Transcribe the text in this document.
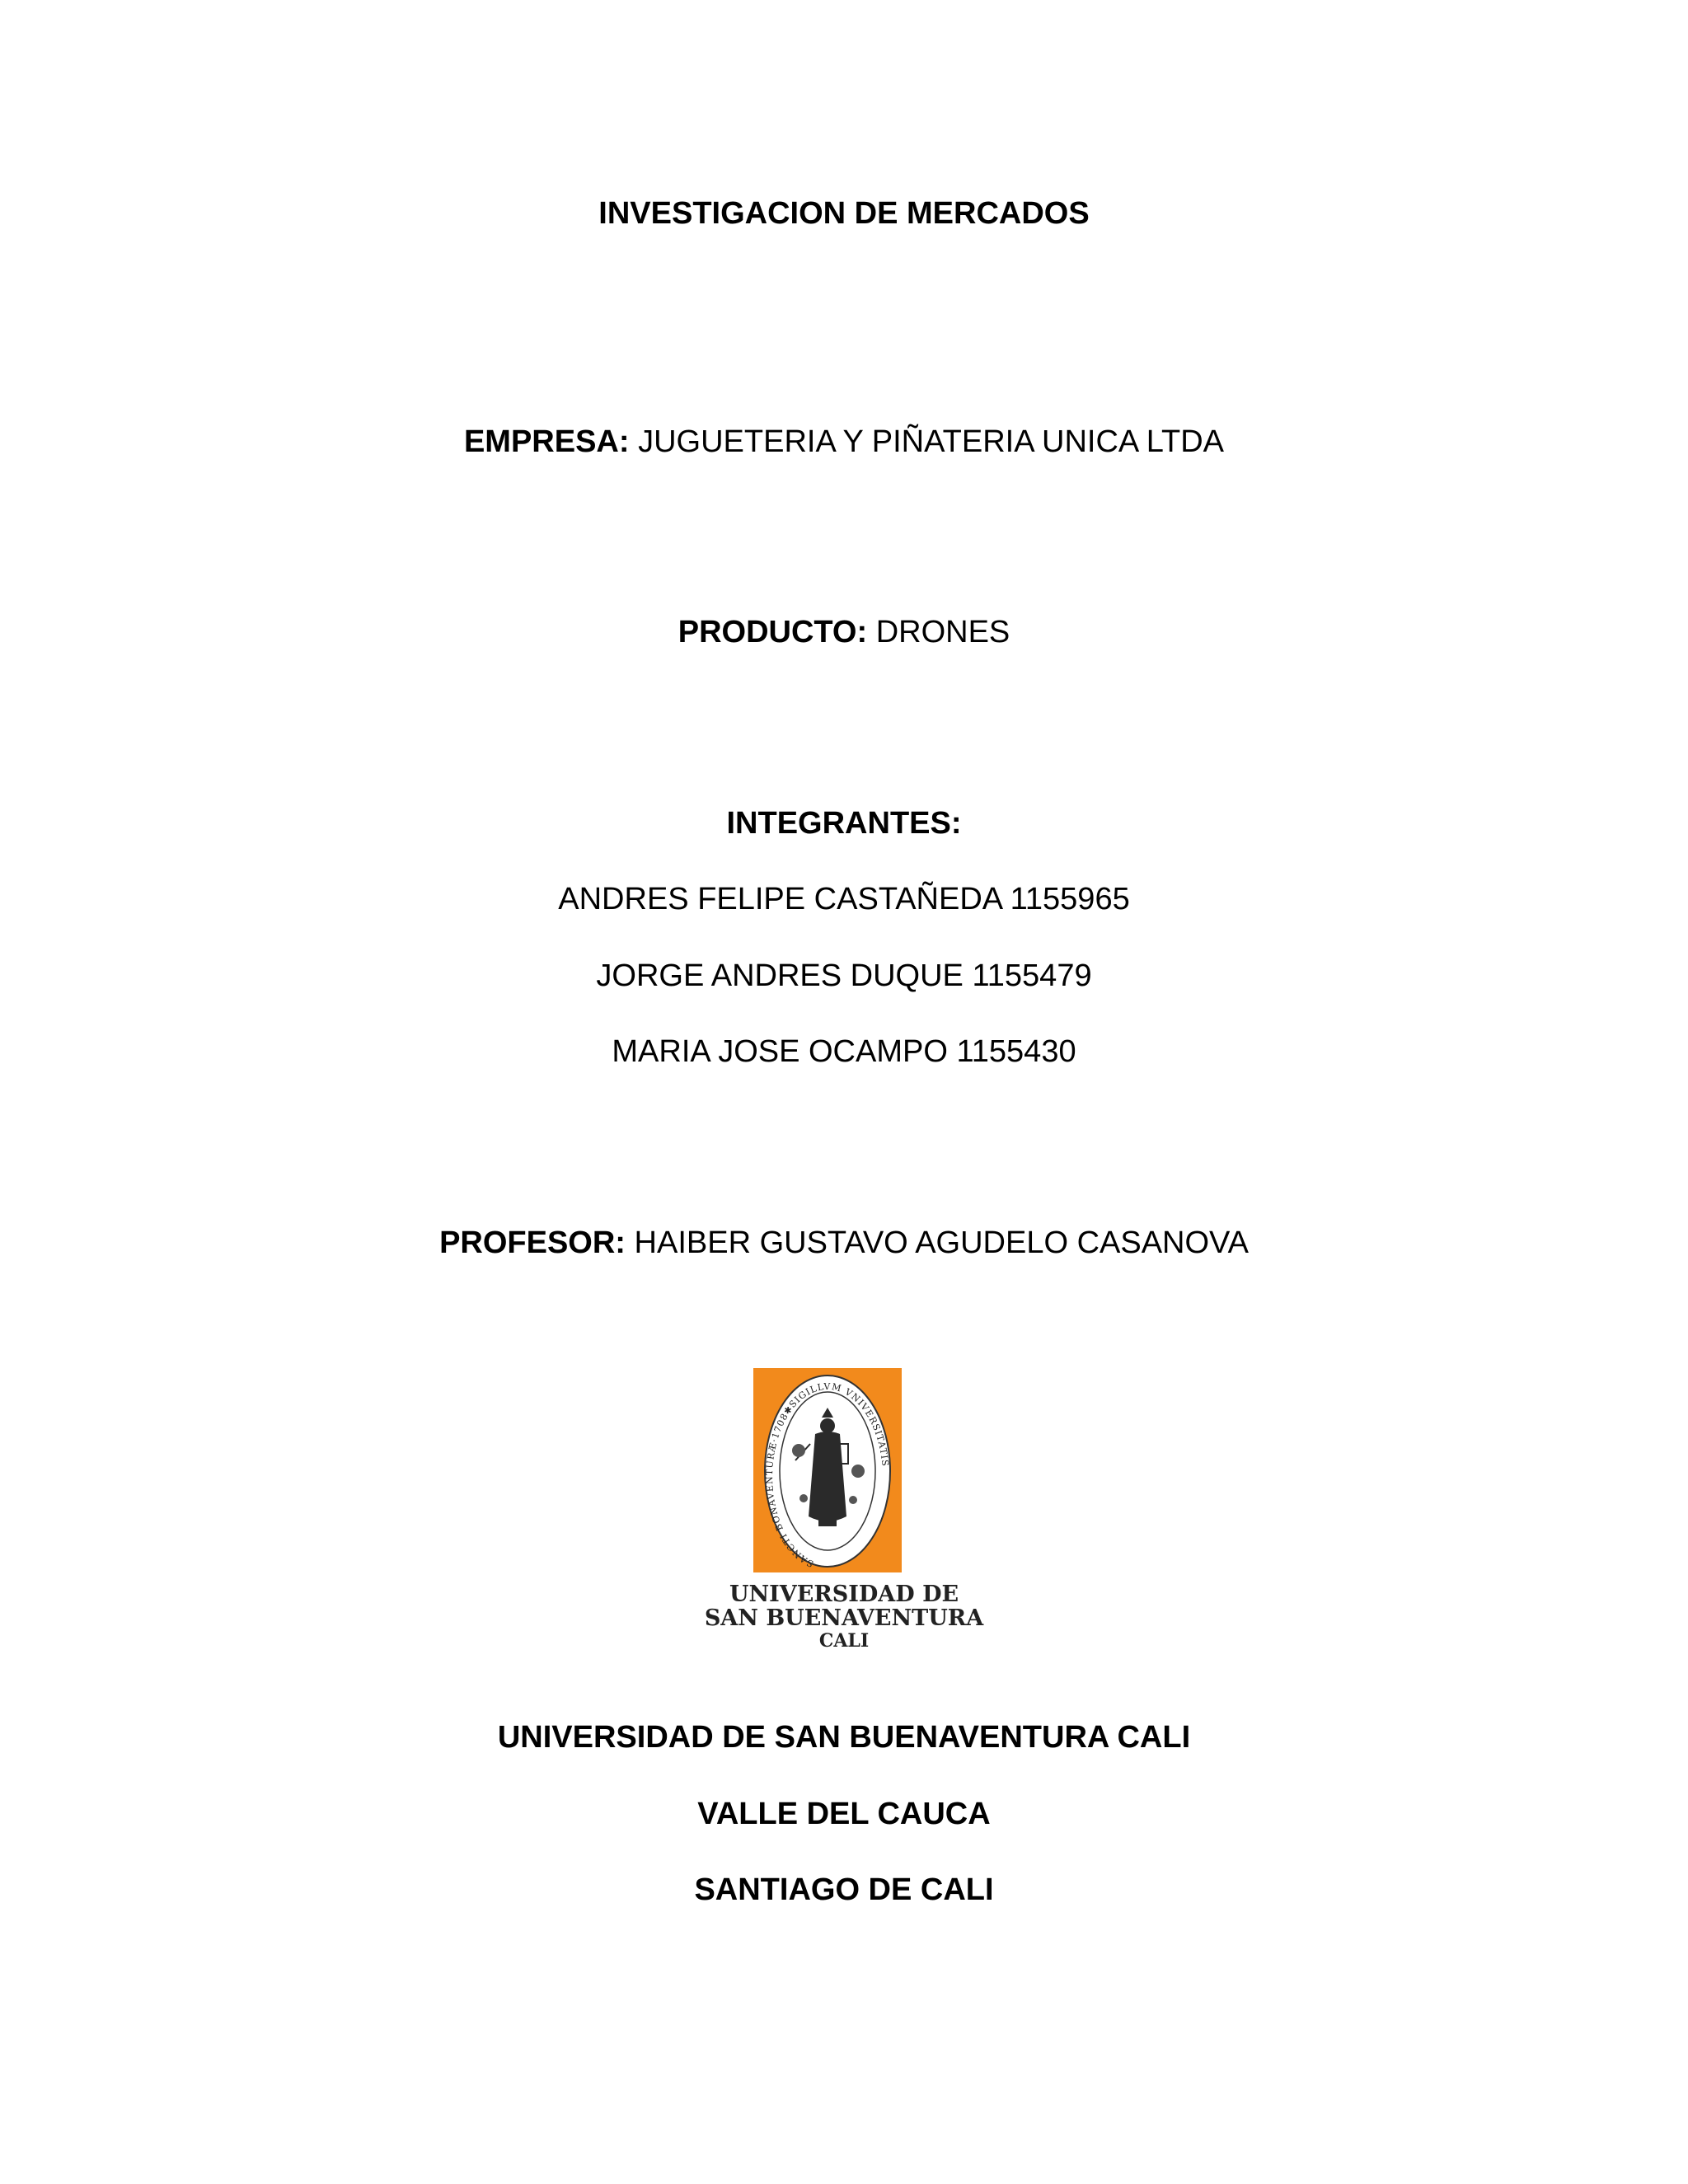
INVESTIGACION DE MERCADOS
EMPRESA: JUGUETERIA Y PIÑATERIA UNICA LTDA
PRODUCTO: DRONES
INTEGRANTES:
ANDRES FELIPE CASTAÑEDA 1155965
JORGE ANDRES DUQUE 1155479
MARIA JOSE OCAMPO 1155430
PROFESOR: HAIBER GUSTAVO AGUDELO CASANOVA
SANCTI BONAVENTURÆ·1708✱SIGILLVM VNIVERSITATIS
UNIVERSIDAD DE
SAN BUENAVENTURA
CALI
UNIVERSIDAD DE SAN BUENAVENTURA CALI
VALLE DEL CAUCA
SANTIAGO DE CALI
